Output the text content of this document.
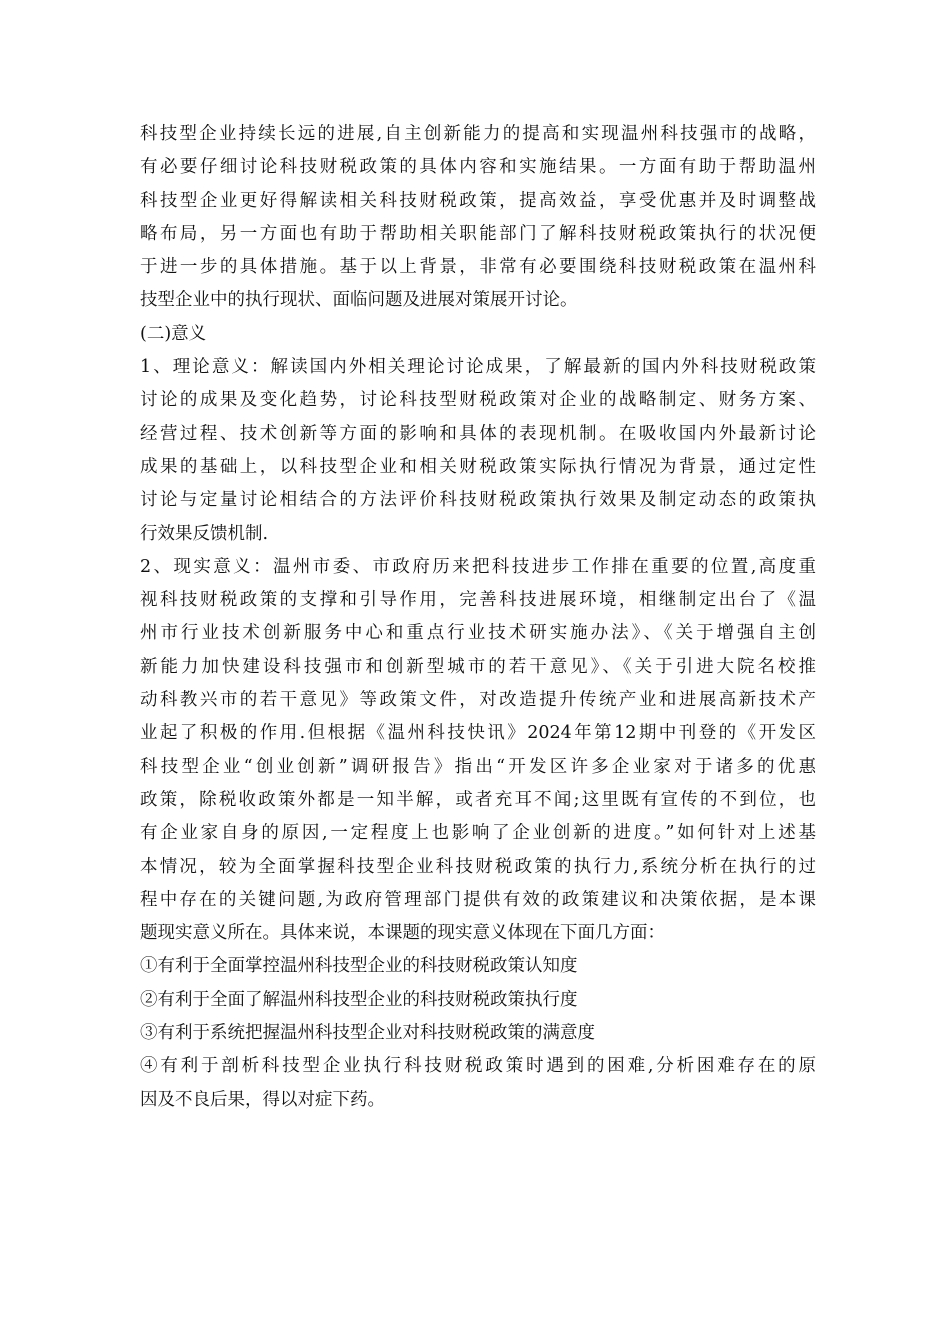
科技型企业持续长远的进展,自主创新能力的提高和实现温州科技强市的战略，
有必要仔细讨论科技财税政策的具体内容和实施结果。一方面有助于帮助温州
科技型企业更好得解读相关科技财税政策，提高效益，享受优惠并及时调整战
略布局，另一方面也有助于帮助相关职能部门了解科技财税政策执行的状况便
于进一步的具体措施。基于以上背景，非常有必要围绕科技财税政策在温州科
技型企业中的执行现状、面临问题及进展对策展开讨论。
(二)意义
1、理论意义：解读国内外相关理论讨论成果，了解最新的国内外科技财税政策
讨论的成果及变化趋势，讨论科技型财税政策对企业的战略制定、财务方案、
经营过程、技术创新等方面的影响和具体的表现机制。在吸收国内外最新讨论
成果的基础上，以科技型企业和相关财税政策实际执行情况为背景，通过定性
讨论与定量讨论相结合的方法评价科技财税政策执行效果及制定动态的政策执
行效果反馈机制.
2、现实意义：温州市委、市政府历来把科技进步工作排在重要的位置,高度重
视科技财税政策的支撑和引导作用，完善科技进展环境，相继制定出台了《温
州市行业技术创新服务中心和重点行业技术研实施办法》、《关于增强自主创
新能力加快建设科技强市和创新型城市的若干意见》、《关于引进大院名校推
动科教兴市的若干意见》等政策文件，对改造提升传统产业和进展高新技术产
业起了积极的作用.但根据《温州科技快讯》2024年第12期中刊登的《开发区
科技型企业“创业创新”调研报告》指出“开发区许多企业家对于诸多的优惠
政策，除税收政策外都是一知半解，或者充耳不闻;这里既有宣传的不到位，也
有企业家自身的原因,一定程度上也影响了企业创新的进度。”如何针对上述基
本情况，较为全面掌握科技型企业科技财税政策的执行力,系统分析在执行的过
程中存在的关键问题,为政府管理部门提供有效的政策建议和决策依据，是本课
题现实意义所在。具体来说，本课题的现实意义体现在下面几方面：
①有利于全面掌控温州科技型企业的科技财税政策认知度
②有利于全面了解温州科技型企业的科技财税政策执行度
③有利于系统把握温州科技型企业对科技财税政策的满意度
④有利于剖析科技型企业执行科技财税政策时遇到的困难,分析困难存在的原
因及不良后果，得以对症下药。
